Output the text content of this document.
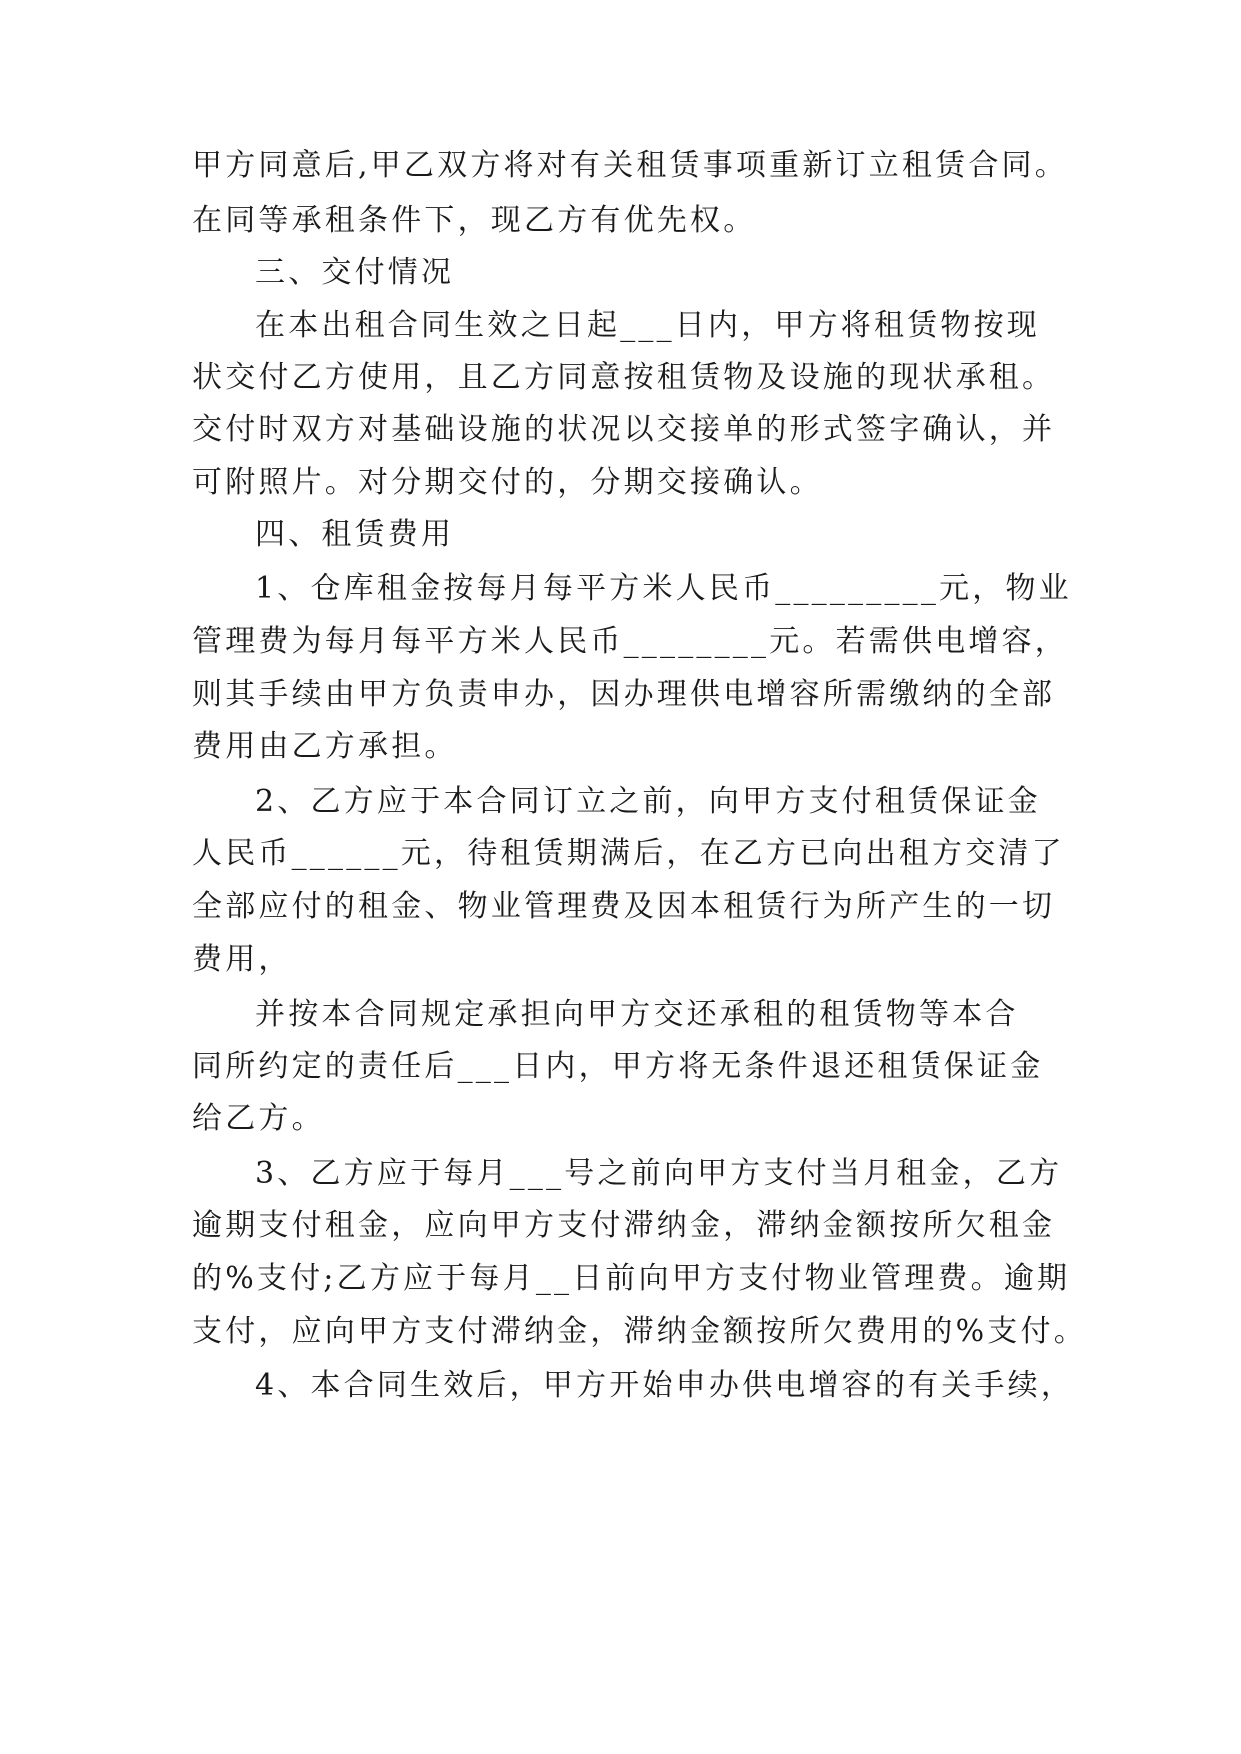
甲方同意后,甲乙双方将对有关租赁事项重新订立租赁合同。
在同等承租条件下，现乙方有优先权。
三、交付情况
在本出租合同生效之日起___日内，甲方将租赁物按现
状交付乙方使用，且乙方同意按租赁物及设施的现状承租。
交付时双方对基础设施的状况以交接单的形式签字确认，并
可附照片。对分期交付的，分期交接确认。
四、租赁费用
1、仓库租金按每月每平方米人民币_________元，物业
管理费为每月每平方米人民币________元。若需供电增容，
则其手续由甲方负责申办，因办理供电增容所需缴纳的全部
费用由乙方承担。
2、乙方应于本合同订立之前，向甲方支付租赁保证金
人民币______元，待租赁期满后，在乙方已向出租方交清了
全部应付的租金、物业管理费及因本租赁行为所产生的一切
费用，
并按本合同规定承担向甲方交还承租的租赁物等本合
同所约定的责任后___日内，甲方将无条件退还租赁保证金
给乙方。
3、乙方应于每月___号之前向甲方支付当月租金，乙方
逾期支付租金，应向甲方支付滞纳金，滞纳金额按所欠租金
的%支付;乙方应于每月__日前向甲方支付物业管理费。逾期
支付，应向甲方支付滞纳金，滞纳金额按所欠费用的%支付。
4、本合同生效后，甲方开始申办供电增容的有关手续，
